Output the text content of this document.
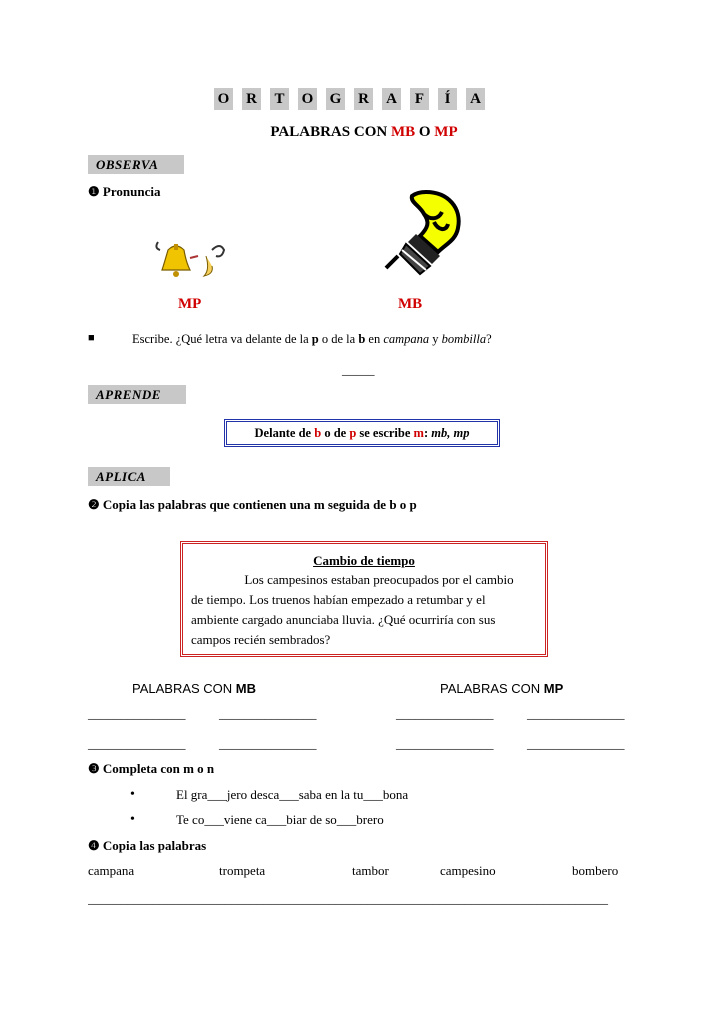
O R T	O G R A	F	Í	A
PALABRAS CON MB O MP
OBSERVA
❶ Pronuncia
MP	MB
■	Escribe. ¿Qué letra va delante de la p o de la b en campana y bombilla?
_____
APRENDE
Delante de b o de p se escribe m: mb, mp
APLICA
❷ Copia las palabras que contienen una m seguida de b o p
Cambio de tiempo
Los campesinos estaban preocupados por el cambio
de tiempo. Los truenos habían empezado a retumbar y el
ambiente cargado anunciaba lluvia. ¿Qué ocurriría con sus
campos recién sembrados?
PALABRAS CON MB	PALABRAS CON MP
_______________	_______________	_______________	_______________
_______________	_______________	_______________	_______________
❸ Completa con m o n
•	El gra___jero desca___saba en la tu___bona
•	Te co___viene ca___biar de so___brero
❹ Copia las palabras
campana	trompeta	tambor	campesino	bombero
________________________________________________________________________________
